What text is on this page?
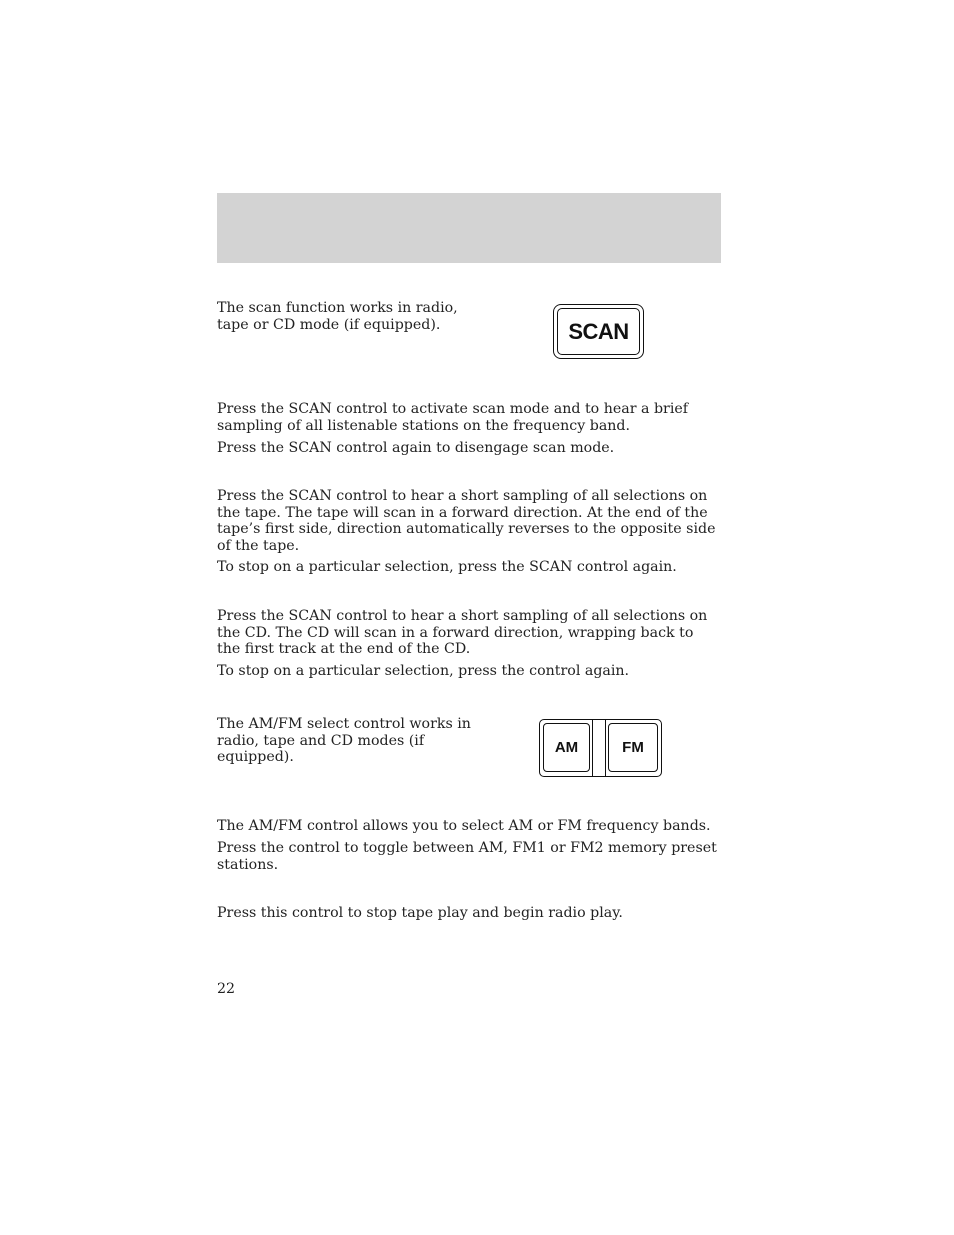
The scan function works in radio, tape or CD mode (if equipped).	SCAN

Press the SCAN control to activate scan mode and to hear a brief sampling of all listenable stations on the frequency band.

Press the SCAN control again to disengage scan mode.

Press the SCAN control to hear a short sampling of all selections on the tape. The tape will scan in a forward direction. At the end of the tape’s first side, direction automatically reverses to the opposite side of the tape.

To stop on a particular selection, press the SCAN control again.

Press the SCAN control to hear a short sampling of all selections on the CD. The CD will scan in a forward direction, wrapping back to the first track at the end of the CD.

To stop on a particular selection, press the control again.

The AM/FM select control works in radio, tape and CD modes (if equipped).

AM	FM

The AM/FM control allows you to select AM or FM frequency bands.

Press the control to toggle between AM, FM1 or FM2 memory preset stations.

Press this control to stop tape play and begin radio play.

22
